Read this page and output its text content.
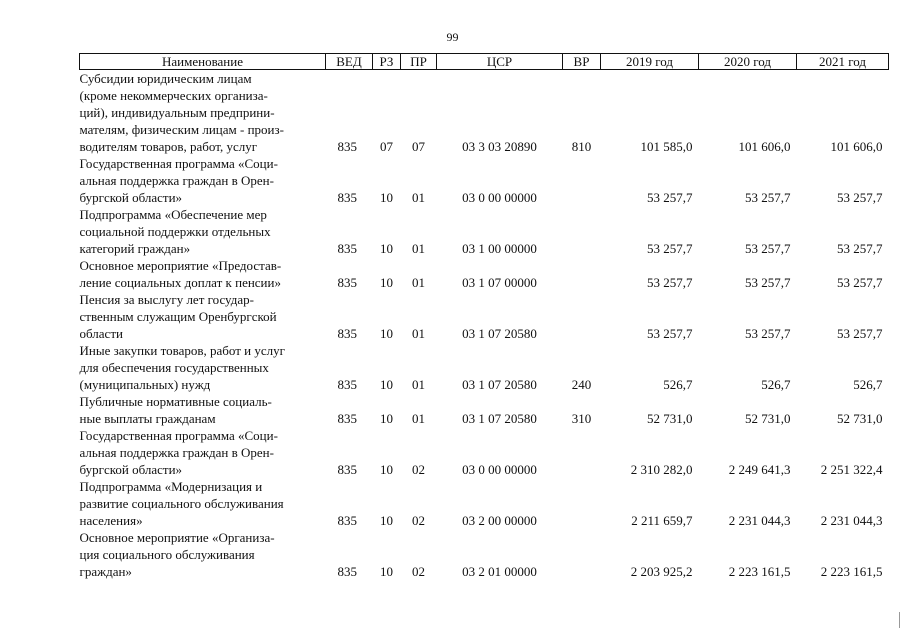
99
Наименование	ВЕД	РЗ	ПР	ЦСР	ВР	2019 год	2020 год	2021 год

Субсидии юридическим лицам
(кроме некоммерческих организа-
ций), индивидуальным предприни-
мателям, физическим лицам - произ-
водителям товаров, работ, услуг	835	07	07	03 3 03 20890	810	101 585,0	101 606,0	101 606,0

Государственная программа «Соци-
альная поддержка граждан в Орен-
бургской области»	835	10	01	03 0 00 00000		53 257,7	53 257,7	53 257,7

Подпрограмма «Обеспечение мер
социальной поддержки отдельных
категорий граждан»	835	10	01	03 1 00 00000		53 257,7	53 257,7	53 257,7

Основное мероприятие «Предостав-
ление социальных доплат к пенсии»	835	10	01	03 1 07 00000		53 257,7	53 257,7	53 257,7

Пенсия за выслугу лет государ-
ственным служащим Оренбургской
области	835	10	01	03 1 07 20580		53 257,7	53 257,7	53 257,7

Иные закупки товаров, работ и услуг
для обеспечения государственных
(муниципальных) нужд	835	10	01	03 1 07 20580	240	526,7	526,7	526,7

Публичные нормативные социаль-
ные выплаты гражданам	835	10	01	03 1 07 20580	310	52 731,0	52 731,0	52 731,0

Государственная программа «Соци-
альная поддержка граждан в Орен-
бургской области»	835	10	02	03 0 00 00000		2 310 282,0	2 249 641,3	2 251 322,4

Подпрограмма «Модернизация и
развитие социального обслуживания
населения»	835	10	02	03 2 00 00000		2 211 659,7	2 231 044,3	2 231 044,3

Основное мероприятие «Организа-
ция социального обслуживания
граждан»	835	10	02	03 2 01 00000		2 203 925,2	2 223 161,5	2 223 161,5
